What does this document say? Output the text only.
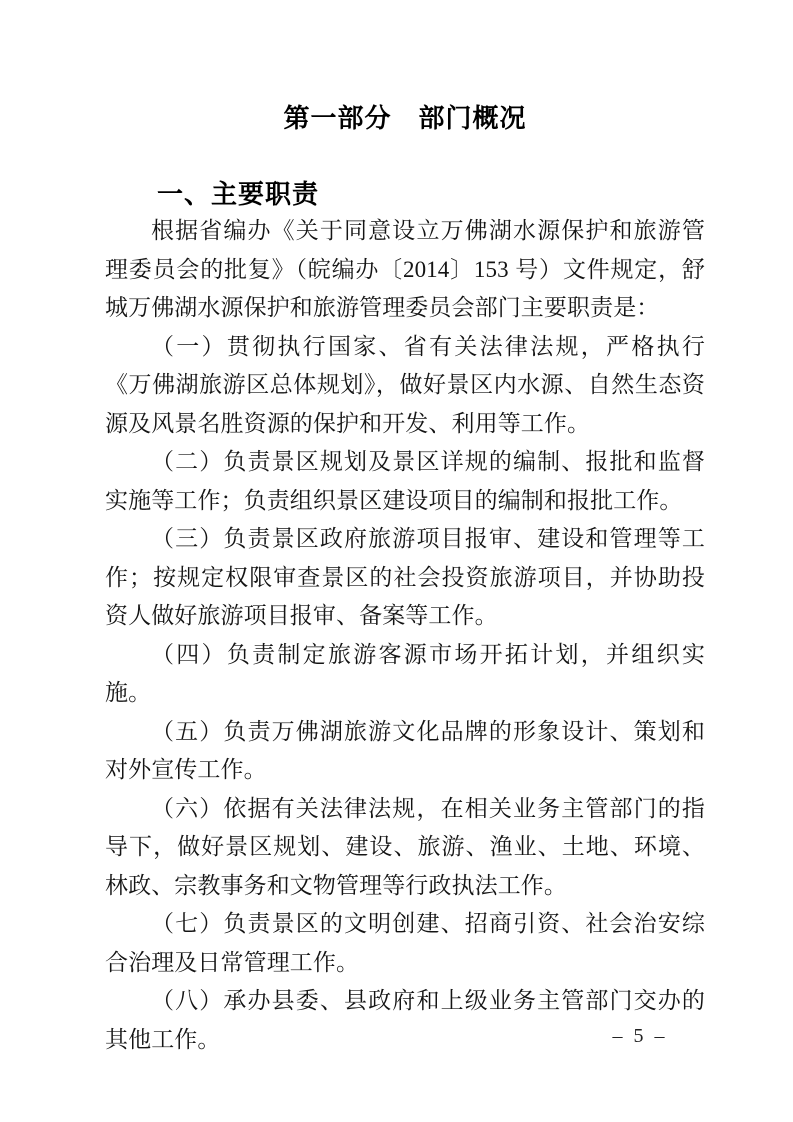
第一部分　部门概况
一、主要职责

根据省编办《关于同意设立万佛湖水源保护和旅游管理委员会的批复》（皖编办〔2014〕153 号）文件规定，舒城万佛湖水源保护和旅游管理委员会部门主要职责是：

（一）贯彻执行国家、省有关法律法规，严格执行《万佛湖旅游区总体规划》，做好景区内水源、自然生态资源及风景名胜资源的保护和开发、利用等工作。

（二）负责景区规划及景区详规的编制、报批和监督实施等工作；负责组织景区建设项目的编制和报批工作。

（三）负责景区政府旅游项目报审、建设和管理等工作；按规定权限审查景区的社会投资旅游项目，并协助投资人做好旅游项目报审、备案等工作。

（四）负责制定旅游客源市场开拓计划，并组织实施。

（五）负责万佛湖旅游文化品牌的形象设计、策划和对外宣传工作。

（六）依据有关法律法规，在相关业务主管部门的指导下，做好景区规划、建设、旅游、渔业、土地、环境、林政、宗教事务和文物管理等行政执法工作。

（七）负责景区的文明创建、招商引资、社会治安综合治理及日常管理工作。

（八）承办县委、县政府和上级业务主管部门交办的其他工作。	– 5 –
